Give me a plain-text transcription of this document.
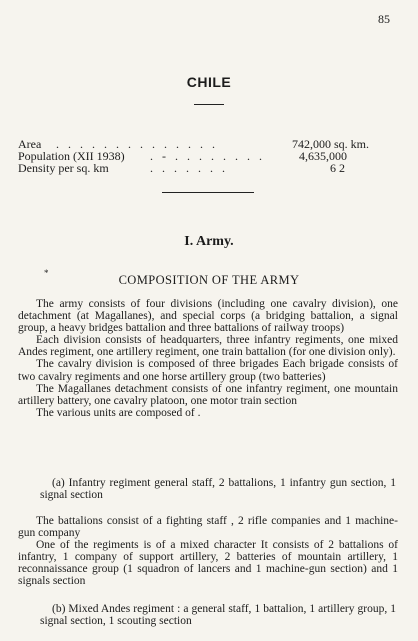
85
CHILE
Area . . . . . . . . . . . . . .	742,000 sq. km.
Population (XII 1938) . - . . . . . . . .	4,635,000
Density per sq. km	. . . . . . .	6 2
I. Army.
*	COMPOSITION OF THE ARMY

The army consists of four divisions (including one cavalry division), one detachment (at Magallanes), and special corps (a bridging battalion, a signal group, a heavy bridges battalion and three battalions of railway troops)

Each division consists of headquarters, three infantry regiments, one mixed Andes regiment, one artillery regiment, one train battalion (for one division only).

The cavalry division is composed of three brigades Each brigade consists of two cavalry regiments and one horse artillery group (two batteries)

The Magallanes detachment consists of one infantry regiment, one mountain artillery battery, one cavalry platoon, one motor train section

The various units are composed of .

(a) Infantry regiment general staff, 2 battalions, 1 infantry gun section, 1 signal section

The battalions consist of a fighting staff , 2 rifle companies and 1 machine-gun company

One of the regiments is of a mixed character It consists of 2 battalions of infantry, 1 company of support artillery, 2 batteries of mountain artillery, 1 reconnaissance group (1 squadron of lancers and 1 machine-gun section) and 1 signals section

(b) Mixed Andes regiment : a general staff, 1 battalion, 1 artillery group, 1 signal section, 1 scouting section
